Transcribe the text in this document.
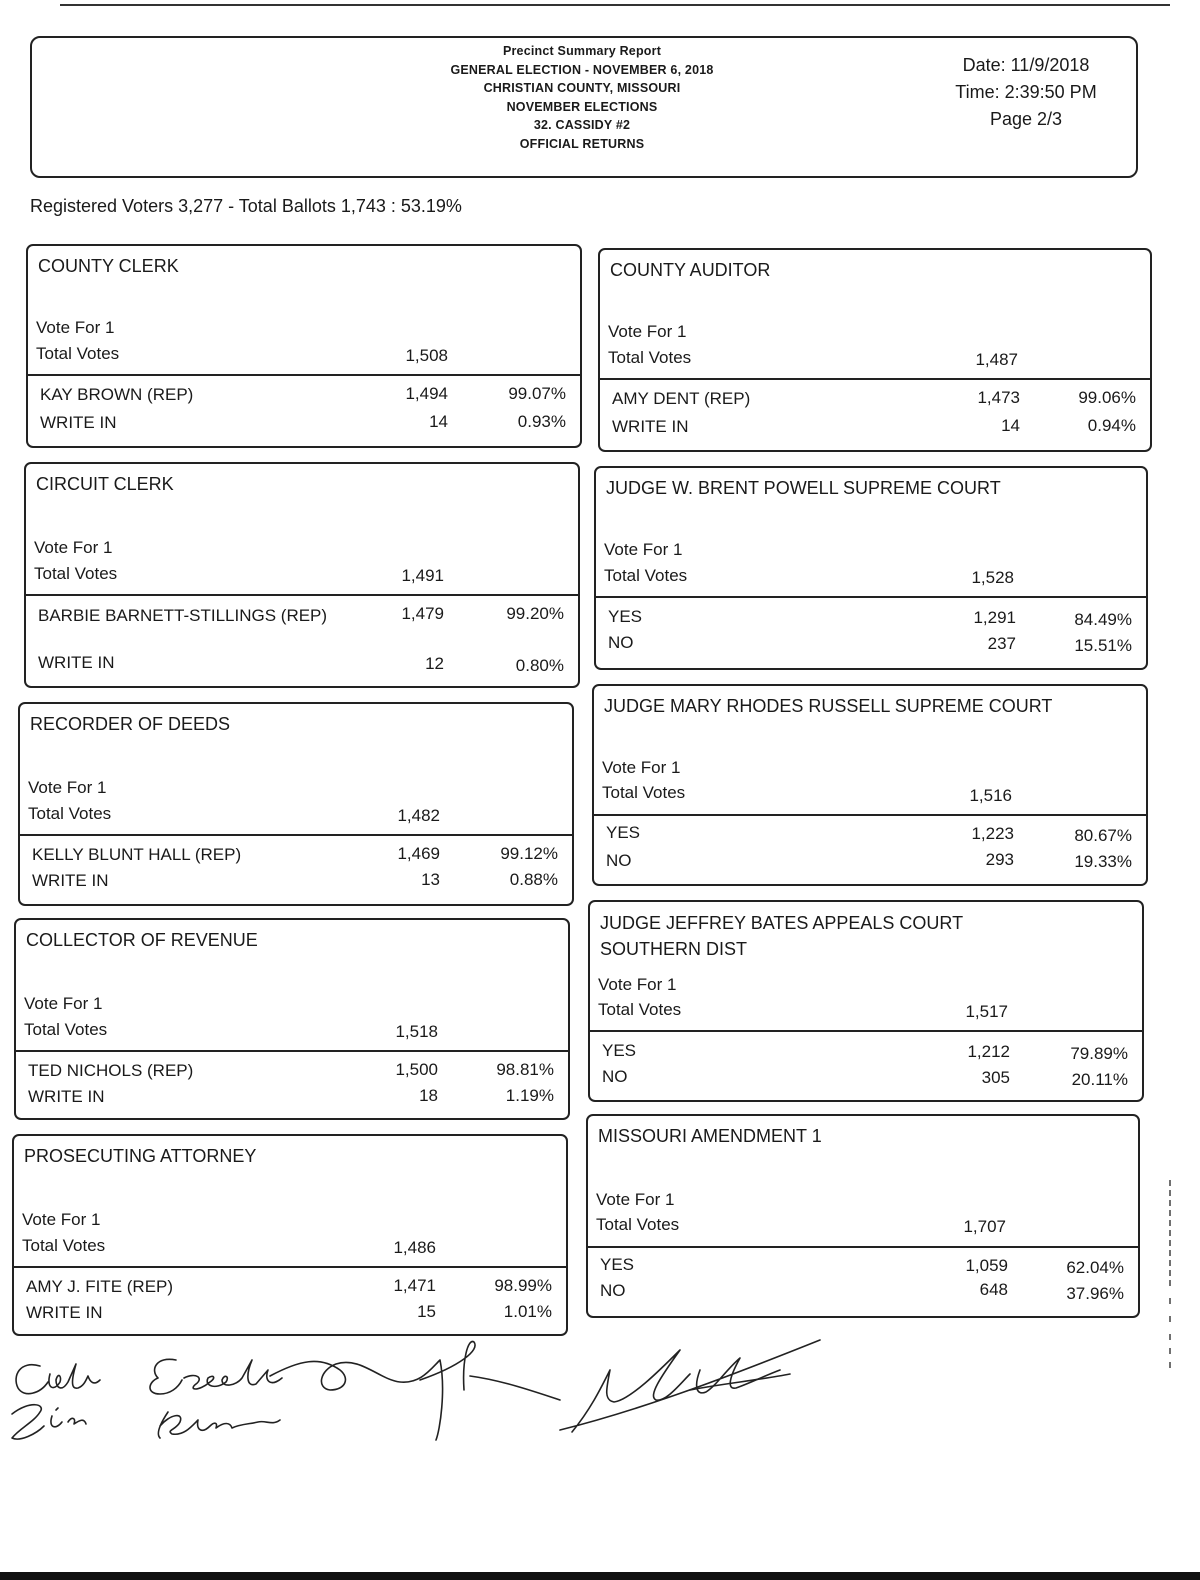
Precinct Summary Report
GENERAL ELECTION - NOVEMBER 6, 2018
CHRISTIAN COUNTY, MISSOURI
NOVEMBER ELECTIONS
32. CASSIDY #2
OFFICIAL RETURNS
Date: 11/9/2018
Time: 2:39:50 PM
Page 2/3
Registered Voters 3,277 - Total Ballots 1,743 : 53.19%
COUNTY CLERK
Vote For 1
Total Votes	1,508
KAY BROWN (REP)	1,494	99.07%
WRITE IN	14	0.93%
CIRCUIT CLERK
Vote For 1
Total Votes	1,491
BARBIE BARNETT-STILLINGS (REP)	1,479	99.20%
WRITE IN	12	0.80%
RECORDER OF DEEDS
Vote For 1
Total Votes	1,482
KELLY BLUNT HALL (REP)	1,469	99.12%
WRITE IN	13	0.88%
COLLECTOR OF REVENUE
Vote For 1
Total Votes	1,518
TED NICHOLS (REP)	1,500	98.81%
WRITE IN	18	1.19%
PROSECUTING ATTORNEY
Vote For 1
Total Votes	1,486
AMY J. FITE (REP)	1,471	98.99%
WRITE IN	15	1.01%
COUNTY AUDITOR
Vote For 1
Total Votes	1,487
AMY DENT (REP)	1,473	99.06%
WRITE IN	14	0.94%
JUDGE W. BRENT POWELL SUPREME COURT
Vote For 1
Total Votes	1,528
YES	1,291	84.49%
NO	237	15.51%
JUDGE MARY RHODES RUSSELL SUPREME COURT
Vote For 1
Total Votes	1,516
YES	1,223	80.67%
NO	293	19.33%
JUDGE JEFFREY BATES APPEALS COURT SOUTHERN DIST
Vote For 1
Total Votes	1,517
YES	1,212	79.89%
NO	305	20.11%
MISSOURI AMENDMENT 1
Vote For 1
Total Votes	1,707
YES	1,059	62.04%
NO	648	37.96%
